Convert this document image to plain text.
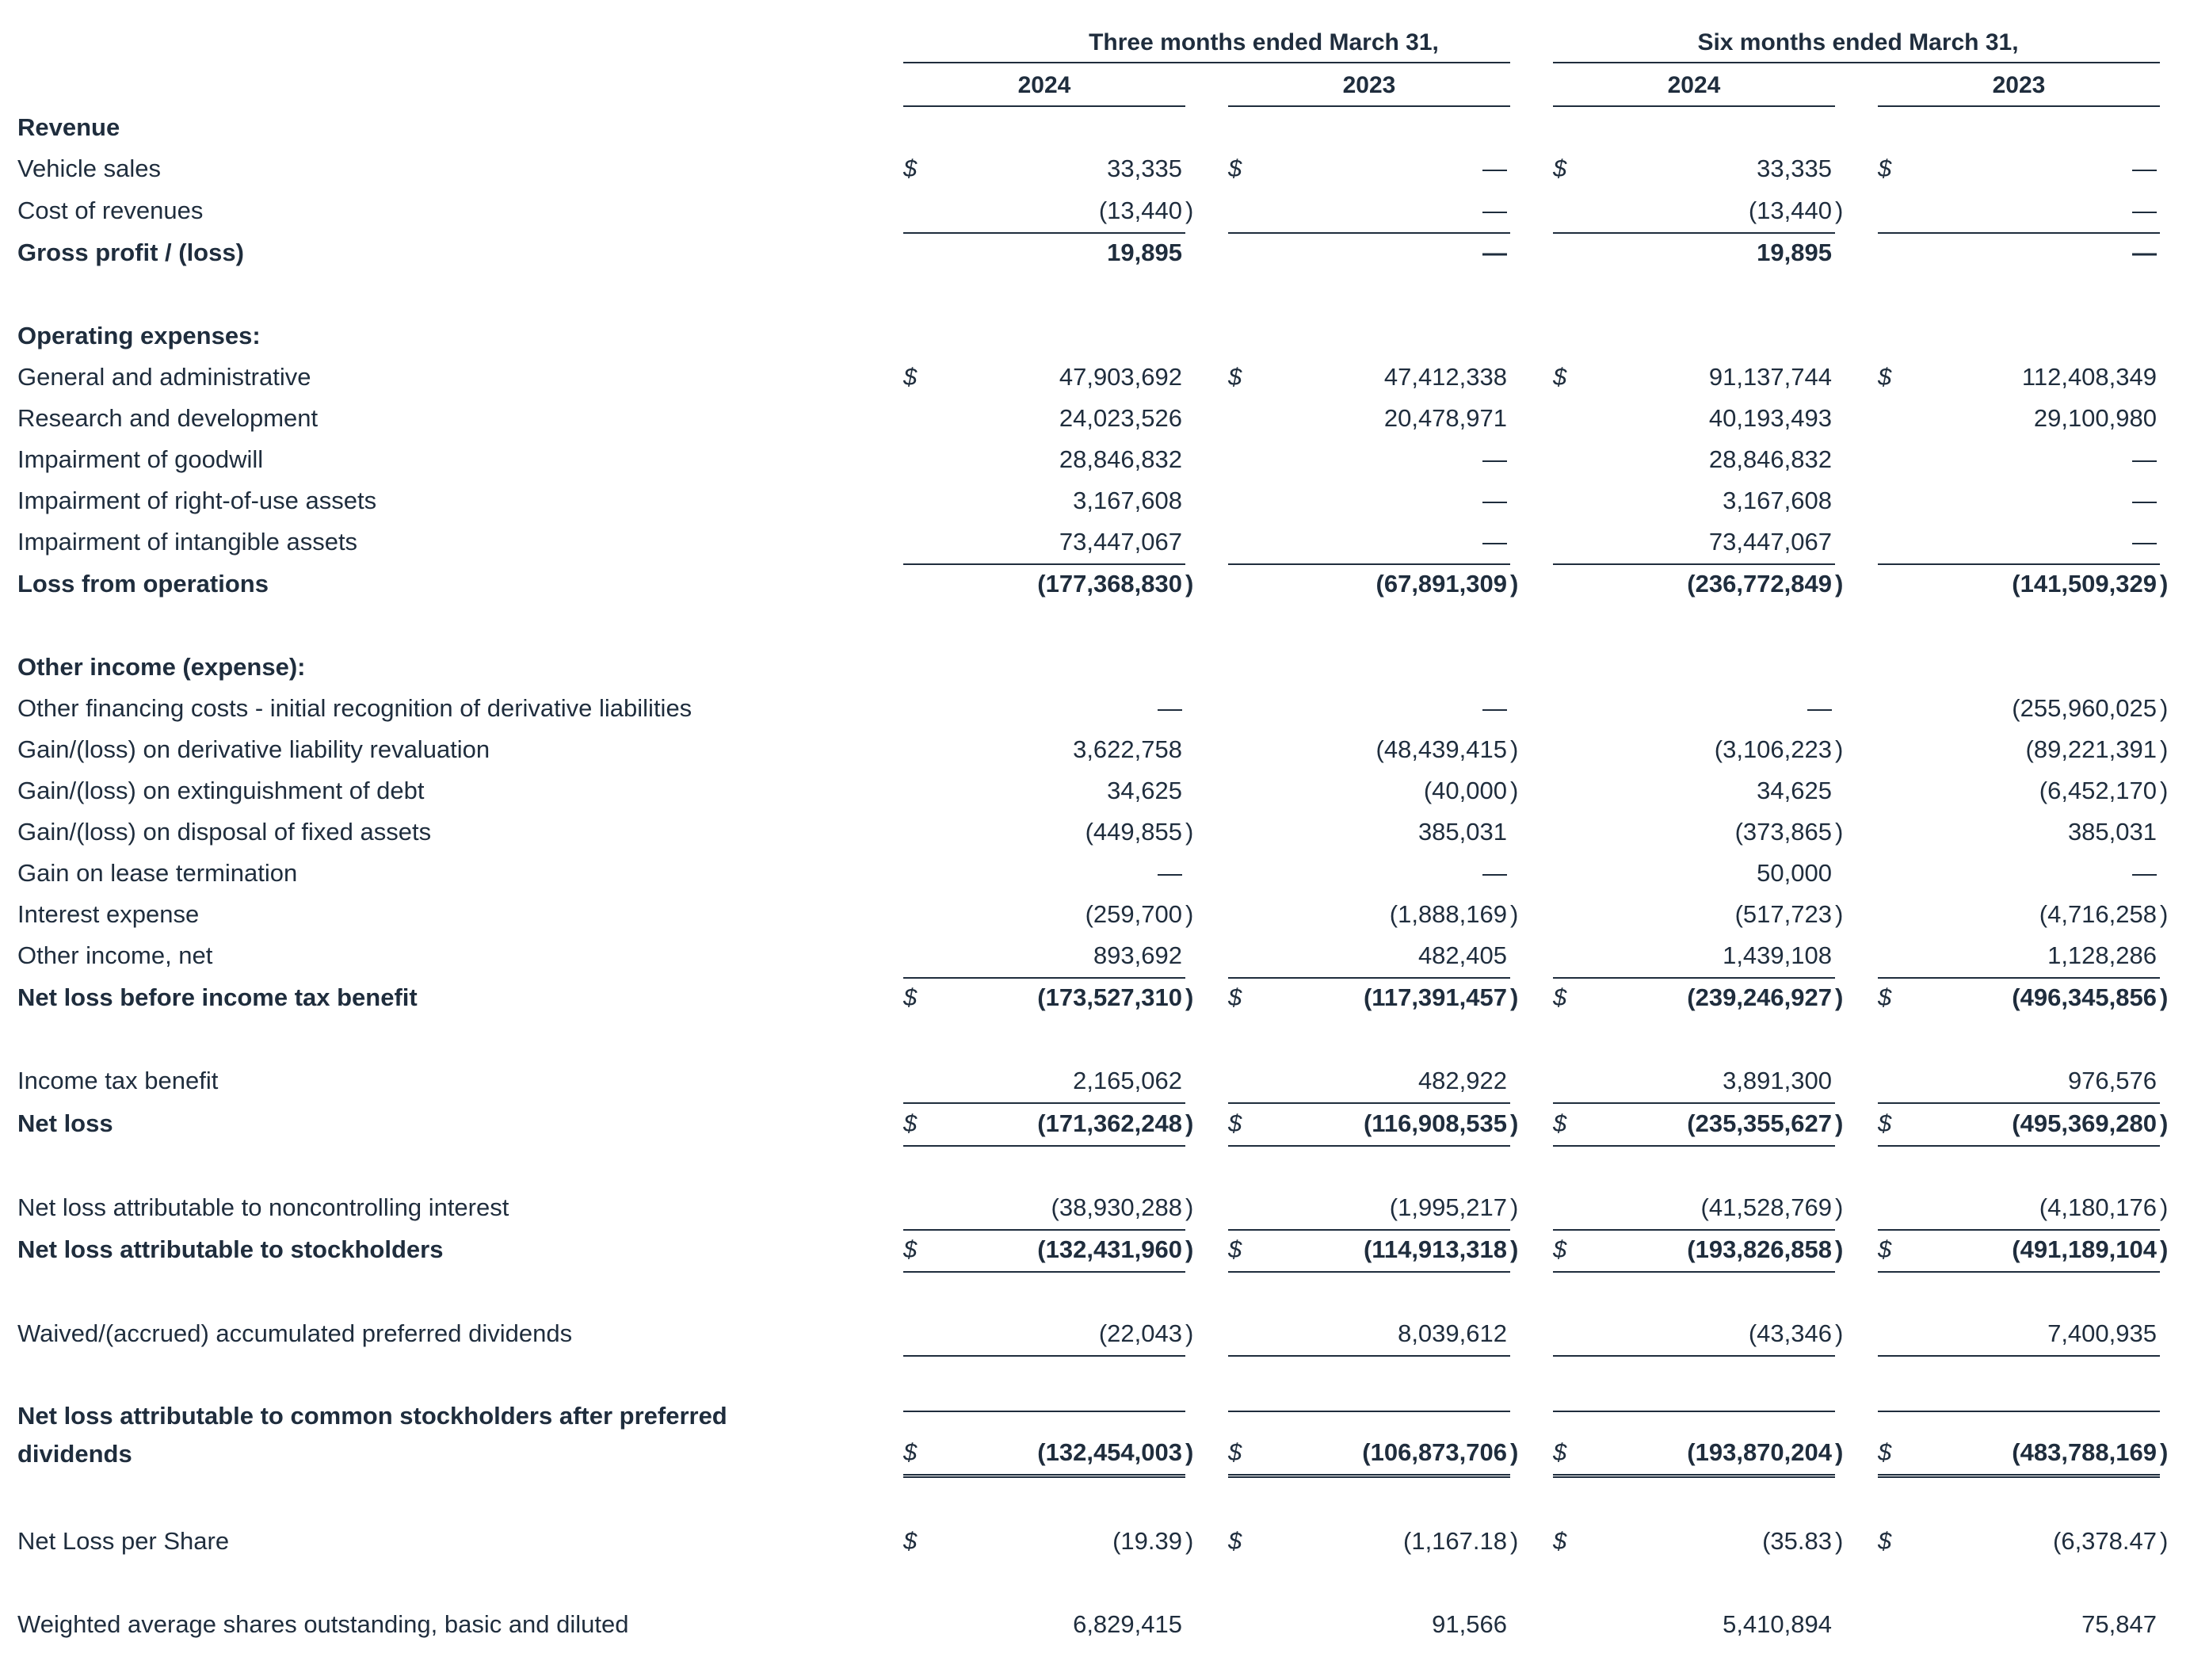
Three months ended March 31,	Six months ended March 31,
2024	2023	2024	2023
Revenue
Vehicle sales	$	33,335 $	— $	33,335 $	—
Cost of revenues	(13,440 )	—	(13,440 )	—
Gross profit / (loss)	19,895	—	19,895	—
Operating expenses:
General and administrative	$	47,903,692 $	47,412,338 $	91,137,744 $	112,408,349
Research and development	24,023,526	20,478,971	40,193,493	29,100,980
Impairment of goodwill	28,846,832	—	28,846,832	—
Impairment of right-of-use assets	3,167,608	—	3,167,608	—
Impairment of intangible assets	73,447,067	—	73,447,067	—
Loss from operations	(177,368,830 )	(67,891,309 )	(236,772,849 )	(141,509,329 )
Other income (expense):
Other financing costs - initial recognition of derivative liabilities	—	—	—	(255,960,025 )
Gain/(loss) on derivative liability revaluation	3,622,758	(48,439,415 )	(3,106,223 )	(89,221,391 )
Gain/(loss) on extinguishment of debt	34,625	(40,000 )	34,625	(6,452,170 )
Gain/(loss) on disposal of fixed assets	(449,855 )	385,031	(373,865 )	385,031
Gain on lease termination	—	—	50,000	—
Interest expense	(259,700 )	(1,888,169 )	(517,723 )	(4,716,258 )
Other income, net	893,692	482,405	1,439,108	1,128,286
Net loss before income tax benefit	$	(173,527,310 ) $	(117,391,457 ) $	(239,246,927 ) $	(496,345,856 )
Income tax benefit	2,165,062	482,922	3,891,300	976,576
Net loss	$	(171,362,248 ) $	(116,908,535 ) $	(235,355,627 ) $	(495,369,280 )
Net loss attributable to noncontrolling interest	(38,930,288 )	(1,995,217 )	(41,528,769 )	(4,180,176 )
Net loss attributable to stockholders	$	(132,431,960 ) $	(114,913,318 ) $	(193,826,858 ) $	(491,189,104 )
Waived/(accrued) accumulated preferred dividends	(22,043 )	8,039,612	(43,346 )	7,400,935
Net loss attributable to common stockholders after preferred dividends	$	(132,454,003 ) $	(106,873,706 ) $	(193,870,204 ) $	(483,788,169 )
Net Loss per Share	$	(19.39 ) $	(1,167.18 ) $	(35.83 ) $	(6,378.47 )
Weighted average shares outstanding, basic and diluted	6,829,415	91,566	5,410,894	75,847
